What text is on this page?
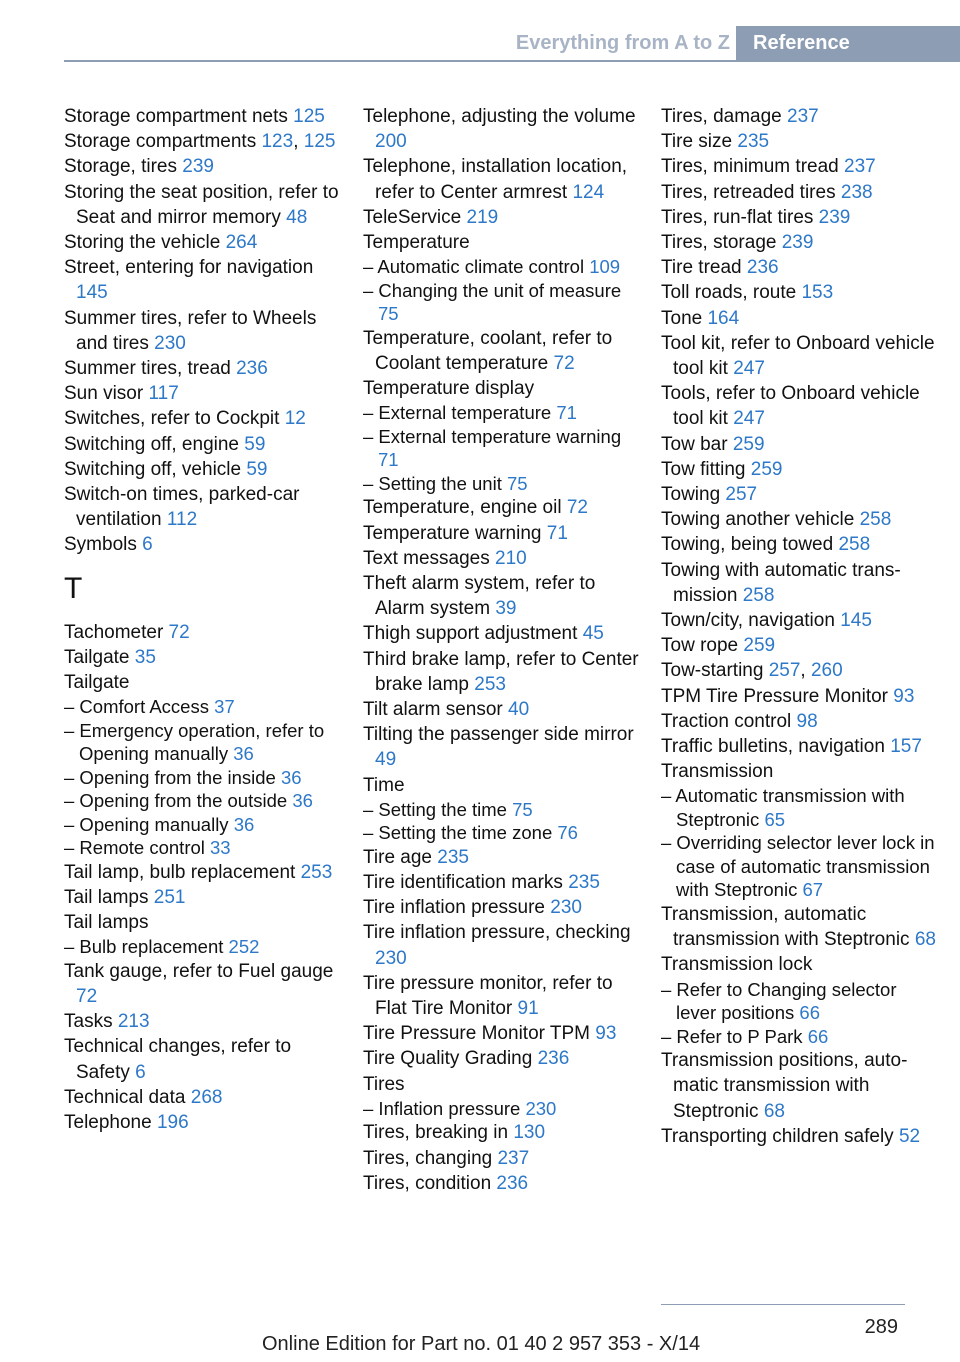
Everything from A to Z	Reference
Storage compartment nets 125
Storage compartments 123, 125
Storage, tires 239
Storing the seat position, refer to Seat and mirror memory 48
Storing the vehicle 264
Street, entering for navigation 145
Summer tires, refer to Wheels and tires 230
Summer tires, tread 236
Sun visor 117
Switches, refer to Cockpit 12
Switching off, engine 59
Switching off, vehicle 59
Switch-on times, parked-car ventilation 112
Symbols 6
T
Tachometer 72
Tailgate 35
Tailgate
– Comfort Access 37
– Emergency operation, refer to Opening manually 36
– Opening from the inside 36
– Opening from the outside 36
– Opening manually 36
– Remote control 33
Tail lamp, bulb replacement 253
Tail lamps 251
Tail lamps
– Bulb replacement 252
Tank gauge, refer to Fuel gauge 72
Tasks 213
Technical changes, refer to Safety 6
Technical data 268
Telephone 196
Telephone, adjusting the volume 200
Telephone, installation location, refer to Center armrest 124
TeleService 219
Temperature
– Automatic climate control 109
– Changing the unit of measure 75
Temperature, coolant, refer to Coolant temperature 72
Temperature display
– External temperature 71
– External temperature warning 71
– Setting the unit 75
Temperature, engine oil 72
Temperature warning 71
Text messages 210
Theft alarm system, refer to Alarm system 39
Thigh support adjustment 45
Third brake lamp, refer to Center brake lamp 253
Tilt alarm sensor 40
Tilting the passenger side mirror 49
Time
– Setting the time 75
– Setting the time zone 76
Tire age 235
Tire identification marks 235
Tire inflation pressure 230
Tire inflation pressure, checking 230
Tire pressure monitor, refer to Flat Tire Monitor 91
Tire Pressure Monitor TPM 93
Tire Quality Grading 236
Tires
– Inflation pressure 230
Tires, breaking in 130
Tires, changing 237
Tires, condition 236
Tires, damage 237
Tire size 235
Tires, minimum tread 237
Tires, retreaded tires 238
Tires, run-flat tires 239
Tires, storage 239
Tire tread 236
Toll roads, route 153
Tone 164
Tool kit, refer to Onboard vehicle tool kit 247
Tools, refer to Onboard vehicle tool kit 247
Tow bar 259
Tow fitting 259
Towing 257
Towing another vehicle 258
Towing, being towed 258
Towing with automatic transmission 258
Town/city, navigation 145
Tow rope 259
Tow-starting 257, 260
TPM Tire Pressure Monitor 93
Traction control 98
Traffic bulletins, navigation 157
Transmission
– Automatic transmission with Steptronic 65
– Overriding selector lever lock in case of automatic transmission with Steptronic 67
Transmission, automatic transmission with Steptronic 68
Transmission lock
– Refer to Changing selector lever positions 66
– Refer to P Park 66
Transmission positions, automatic transmission with Steptronic 68
Transporting children safely 52
289
Online Edition for Part no. 01 40 2 957 353 - X/14
